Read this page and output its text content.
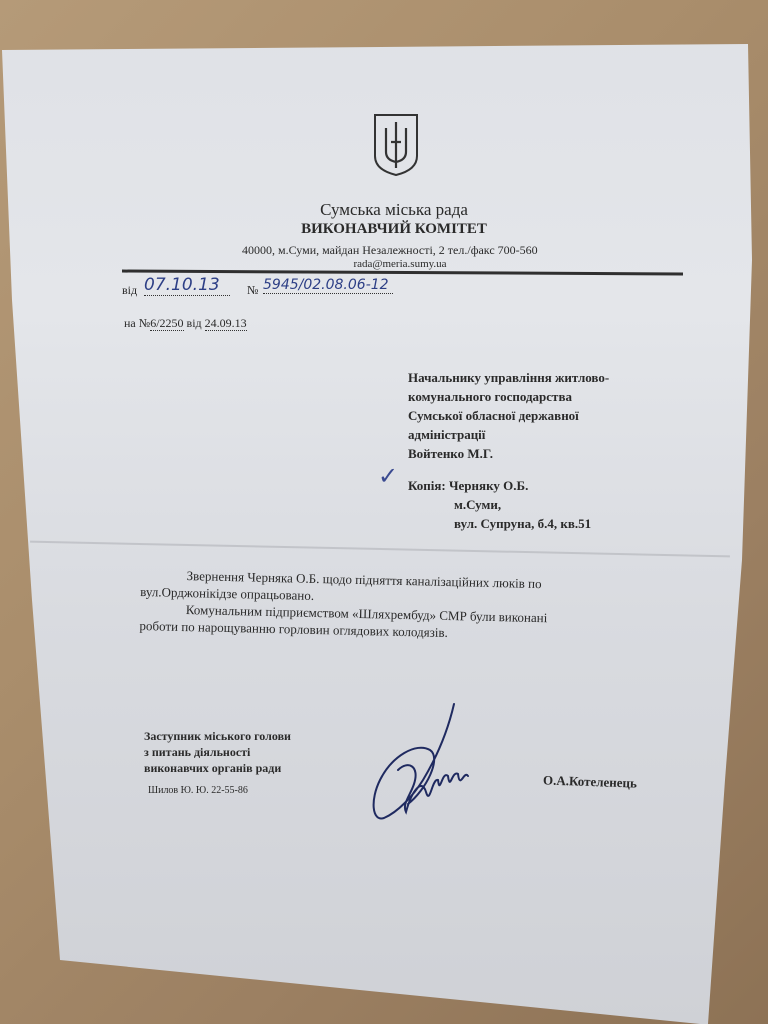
Сумська міська рада
ВИКОНАВЧИЙ КОМІТЕТ
40000, м.Суми, майдан Незалежності, 2 тел./факс 700-560
rada@meria.sumy.ua
від 07.10.13	№ 5945/02.08.06-12
на №6/2250 від 24.09.13
Начальнику управління житлово-
комунального господарства
Сумської обласної державної
адміністрації
Войтенко М.Г.
✓ Копія: Черняку О.Б.
м.Суми,
вул. Супруна, б.4, кв.51
Звернення Черняка О.Б. щодо підняття каналізаційних люків по
вул.Орджонікідзе опрацьовано.
Комунальним підприємством «Шляхрембуд» СМР були виконані
роботи по нарощуванню горловин оглядових колодязів.
Заступник міського голови
з питань діяльності
виконавчих органів ради
Шилов Ю. Ю. 22-55-86	О.А.Котеленець
